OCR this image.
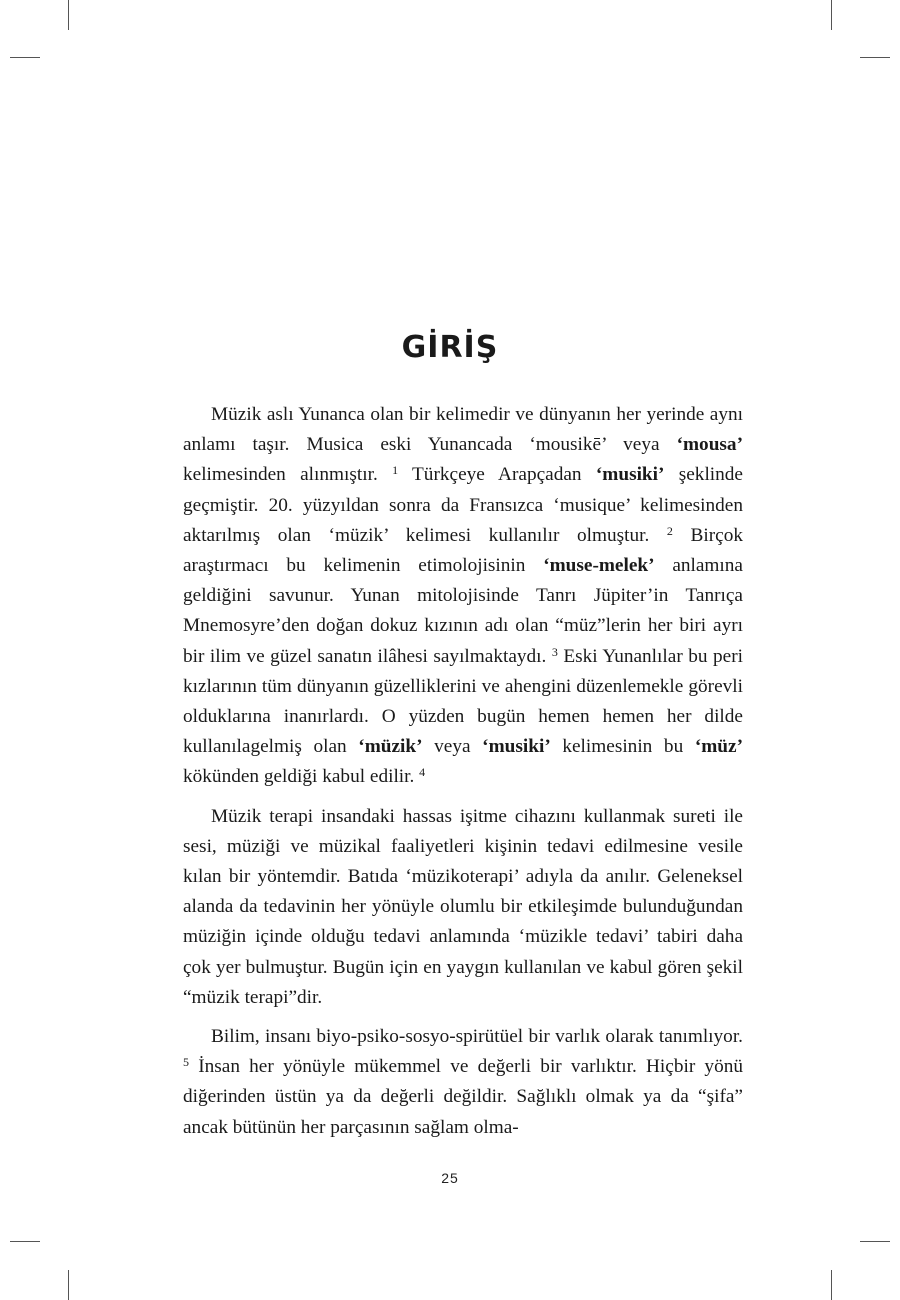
GİRİŞ

Müzik aslı Yunanca olan bir kelimedir ve dünyanın her yerinde aynı anlamı taşır. Musica eski Yunancada ‘mousikē’ veya ‘mousa’ kelimesinden alınmıştır. $^1$ Türkçeye Arapçadan ‘musiki’ şeklinde geçmiştir. 20. yüzyıldan sonra da Fransızca ‘musique’ kelimesinden aktarılmış olan ‘müzik’ kelimesi kullanılır olmuştur. $^2$ Birçok araştırmacı bu kelimenin etimolojisinin ‘muse-melek’ anlamına geldiğini savunur. Yunan mitolojisinde Tanrı Jüpiter’in Tanrıça Mnemosyre’den doğan dokuz kızının adı olan “müz”lerin her biri ayrı bir ilim ve güzel sanatın ilâhesi sayılmaktaydı. $^3$ Eski Yunanlılar bu peri kızlarının tüm dünyanın güzelliklerini ve ahengini düzenlemekle görevli olduklarına inanırlardı. O yüzden bugün hemen hemen her dilde kullanılagelmiş olan ‘müzik’ veya ‘musiki’ kelimesinin bu ‘müz’ kökünden geldiği kabul edilir. $^4$

Müzik terapi insandaki hassas işitme cihazını kullanmak sureti ile sesi, müziği ve müzikal faaliyetleri kişinin tedavi edilmesine vesile kılan bir yöntemdir. Batıda ‘müzikoterapi’ adıyla da anılır. Geleneksel alanda da tedavinin her yönüyle olumlu bir etkileşimde bulunduğundan müziğin içinde olduğu tedavi anlamında ‘müzikle tedavi’ tabiri daha çok yer bulmuştur. Bugün için en yaygın kullanılan ve kabul gören şekil “müzik terapi”dir.

Bilim, insanı biyo-psiko-sosyo-spirütüel bir varlık olarak tanımlıyor. $^5$ İnsan her yönüyle mükemmel ve değerli bir varlıktır. Hiçbir yönü diğerinden üstün ya da değerli değildir. Sağlıklı olmak ya da “şifa” ancak bütünün her parçasının sağlam olma-

25
